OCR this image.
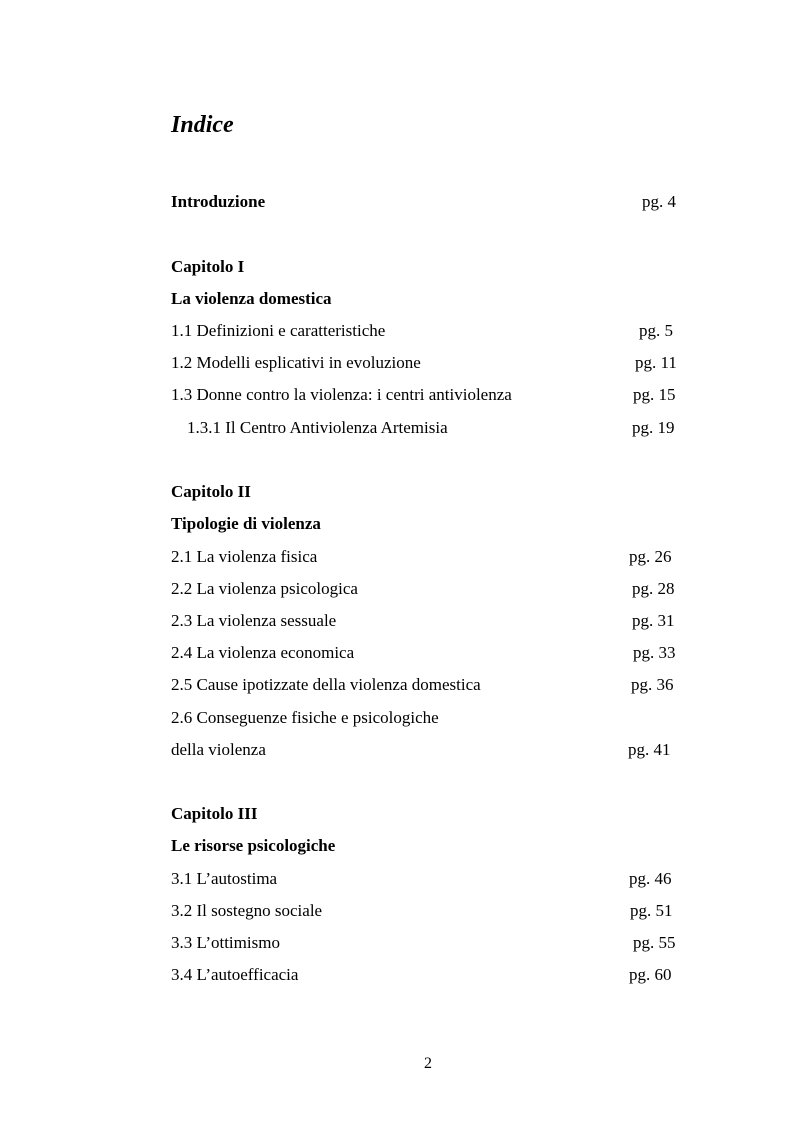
Indice
Introduzione	pg. 4
Capitolo I
La violenza domestica
1.1 Definizioni e caratteristiche	pg. 5
1.2 Modelli esplicativi in evoluzione	pg. 11
1.3 Donne contro la violenza: i centri antiviolenza	pg. 15
1.3.1 Il Centro Antiviolenza Artemisia	pg. 19
Capitolo II
Tipologie di violenza
2.1 La violenza fisica	pg. 26
2.2 La violenza psicologica	pg. 28
2.3 La violenza sessuale	pg. 31
2.4 La violenza economica	pg. 33
2.5 Cause ipotizzate della violenza domestica	pg. 36
2.6 Conseguenze fisiche e psicologiche
della violenza	pg. 41
Capitolo III
Le risorse psicologiche
3.1 L’autostima	pg. 46
3.2 Il sostegno sociale	pg. 51
3.3 L’ottimismo	pg. 55
3.4 L’autoefficacia	pg. 60
2
